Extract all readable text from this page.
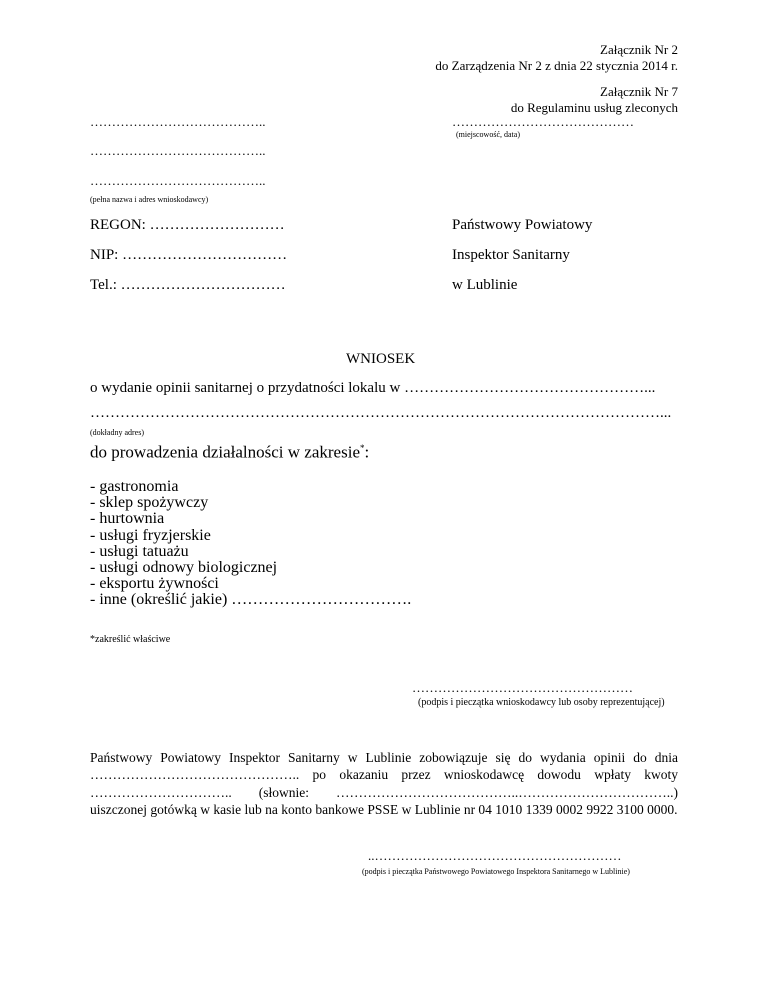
Załącznik Nr 2
do Zarządzenia Nr 2 z dnia 22 stycznia 2014 r.
Załącznik Nr 7
do Regulaminu usług zleconych
…………………………………..
…………………………………..
…………………………………..
(pełna nazwa i adres wnioskodawcy)
……………………………………
(miejscowość, data)
REGON: ………………………
NIP: ……………………………
Tel.: ……………………………
Państwowy Powiatowy
Inspektor Sanitarny
w Lublinie
WNIOSEK
o wydanie opinii sanitarnej o przydatności lokalu w …………………………………………...
……………………………………………………………………………………………………...
(dokładny adres)
do prowadzenia działalności w zakresie*:
- gastronomia
- sklep spożywczy
- hurtownia
- usługi fryzjerskie
- usługi tatuażu
- usługi odnowy biologicznej
- eksportu żywności
- inne (określić jakie) …………………………….
*zakreślić właściwe
……………………………………………
(podpis i pieczątka wnioskodawcy lub osoby reprezentującej)
Państwowy Powiatowy Inspektor Sanitarny w Lublinie zobowiązuje się do wydania opinii do dnia ……………………………………….. po okazaniu przez wnioskodawcę dowodu wpłaty kwoty ………………………….. (słownie: …………………………………..……………………………..) uiszczonej gotówką w kasie lub na konto bankowe PSSE w Lublinie nr 04 1010 1339 0002 9922 3100 0000.
..…………………………………………………
(podpis i pieczątka Państwowego Powiatowego Inspektora Sanitarnego w Lublinie)
